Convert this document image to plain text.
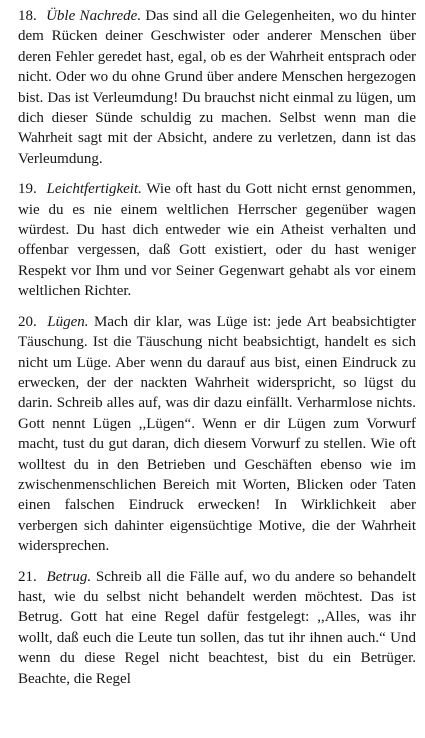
18. Üble Nachrede. Das sind all die Gelegenheiten, wo du hinter dem Rücken deiner Geschwister oder anderer Menschen über deren Fehler geredet hast, egal, ob es der Wahrheit entsprach oder nicht. Oder wo du ohne Grund über andere Menschen hergezogen bist. Das ist Verleumdung! Du brauchst nicht einmal zu lügen, um dich dieser Sünde schuldig zu machen. Selbst wenn man die Wahrheit sagt mit der Absicht, andere zu verletzen, dann ist das Verleumdung.

19. Leichtfertigkeit. Wie oft hast du Gott nicht ernst genommen, wie du es nie einem weltlichen Herrscher gegenüber wagen würdest. Du hast dich entweder wie ein Atheist verhalten und offenbar vergessen, daß Gott existiert, oder du hast weniger Respekt vor Ihm und vor Seiner Gegenwart gehabt als vor einem weltlichen Richter.

20. Lügen. Mach dir klar, was Lüge ist: jede Art beabsichtigter Täuschung. Ist die Täuschung nicht beabsichtigt, handelt es sich nicht um Lüge. Aber wenn du darauf aus bist, einen Eindruck zu erwecken, der der nackten Wahrheit widerspricht, so lügst du darin. Schreib alles auf, was dir dazu einfällt. Verharmlose nichts. Gott nennt Lügen ,,Lügen“. Wenn er dir Lügen zum Vorwurf macht, tust du gut daran, dich diesem Vorwurf zu stellen. Wie oft wolltest du in den Betrieben und Geschäften ebenso wie im zwischenmenschlichen Bereich mit Worten, Blicken oder Taten einen falschen Eindruck erwecken! In Wirklichkeit aber verbergen sich dahinter eigensüchtige Motive, die der Wahrheit widersprechen.

21. Betrug. Schreib all die Fälle auf, wo du andere so behandelt hast, wie du selbst nicht behandelt werden möchtest. Das ist Betrug. Gott hat eine Regel dafür festgelegt: ,,Alles, was ihr wollt, daß euch die Leute tun sollen, das tut ihr ihnen auch.“ Und wenn du diese Regel nicht beachtest, bist du ein Betrüger. Beachte, die Regel
